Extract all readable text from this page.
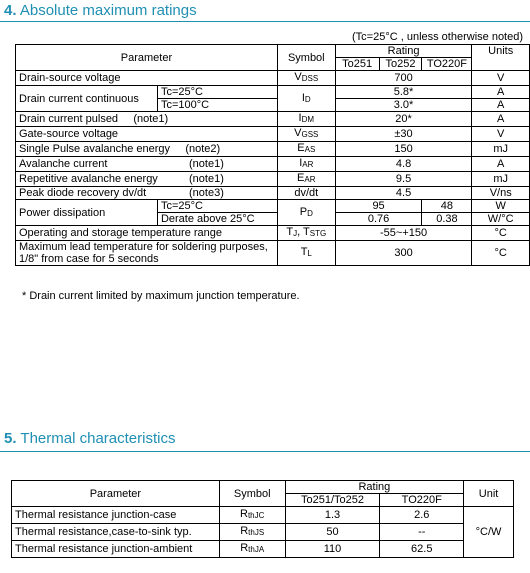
4. Absolute maximum ratings
(Tc=25°C , unless otherwise noted)
Parameter		Symbol	Rating			Units
			To251	To252	TO220F	
Drain-source voltage		$V_{DSS}$	700			V
Drain current continuous	Tc=25°C	$I_D$	5.8*			A
	Tc=100°C		3.0*			A
Drain current pulsed (note1)		$I_{DM}$	20*			A
Gate-source voltage		$V_{GSS}$	±30			V
Single Pulse avalanche energy (note2)		$E_{AS}$	150			mJ
Avalanche current (note1)		$I_{AR}$	4.8			A
Repetitive avalanche energy (note1)		$E_{AR}$	9.5			mJ
Peak diode recovery dv/dt (note3)		dv/dt	4.5			V/ns
Power dissipation	Tc=25°C	$P_D$	95		48	W
	Derate above 25°C		0.76		0.38	W/°C
Operating and storage temperature range		$T_J$, $T_{STG}$	-55~+150			°C

Maximum lead temperature for soldering purposes,
1/8" from case for 5 seconds		$T_L$	300			°C
* Drain current limited by maximum junction temperature.
5. Thermal characteristics
Parameter	Symbol	Rating		Unit
		To251/To252	TO220F	
Thermal resistance junction-case	$R_{thJC}$	1.3	2.6	°C/W
Thermal resistance,case-to-sink typ.	$R_{thJS}$	50	--	
Thermal resistance junction-ambient	$R_{thJA}$	110	62.5	
